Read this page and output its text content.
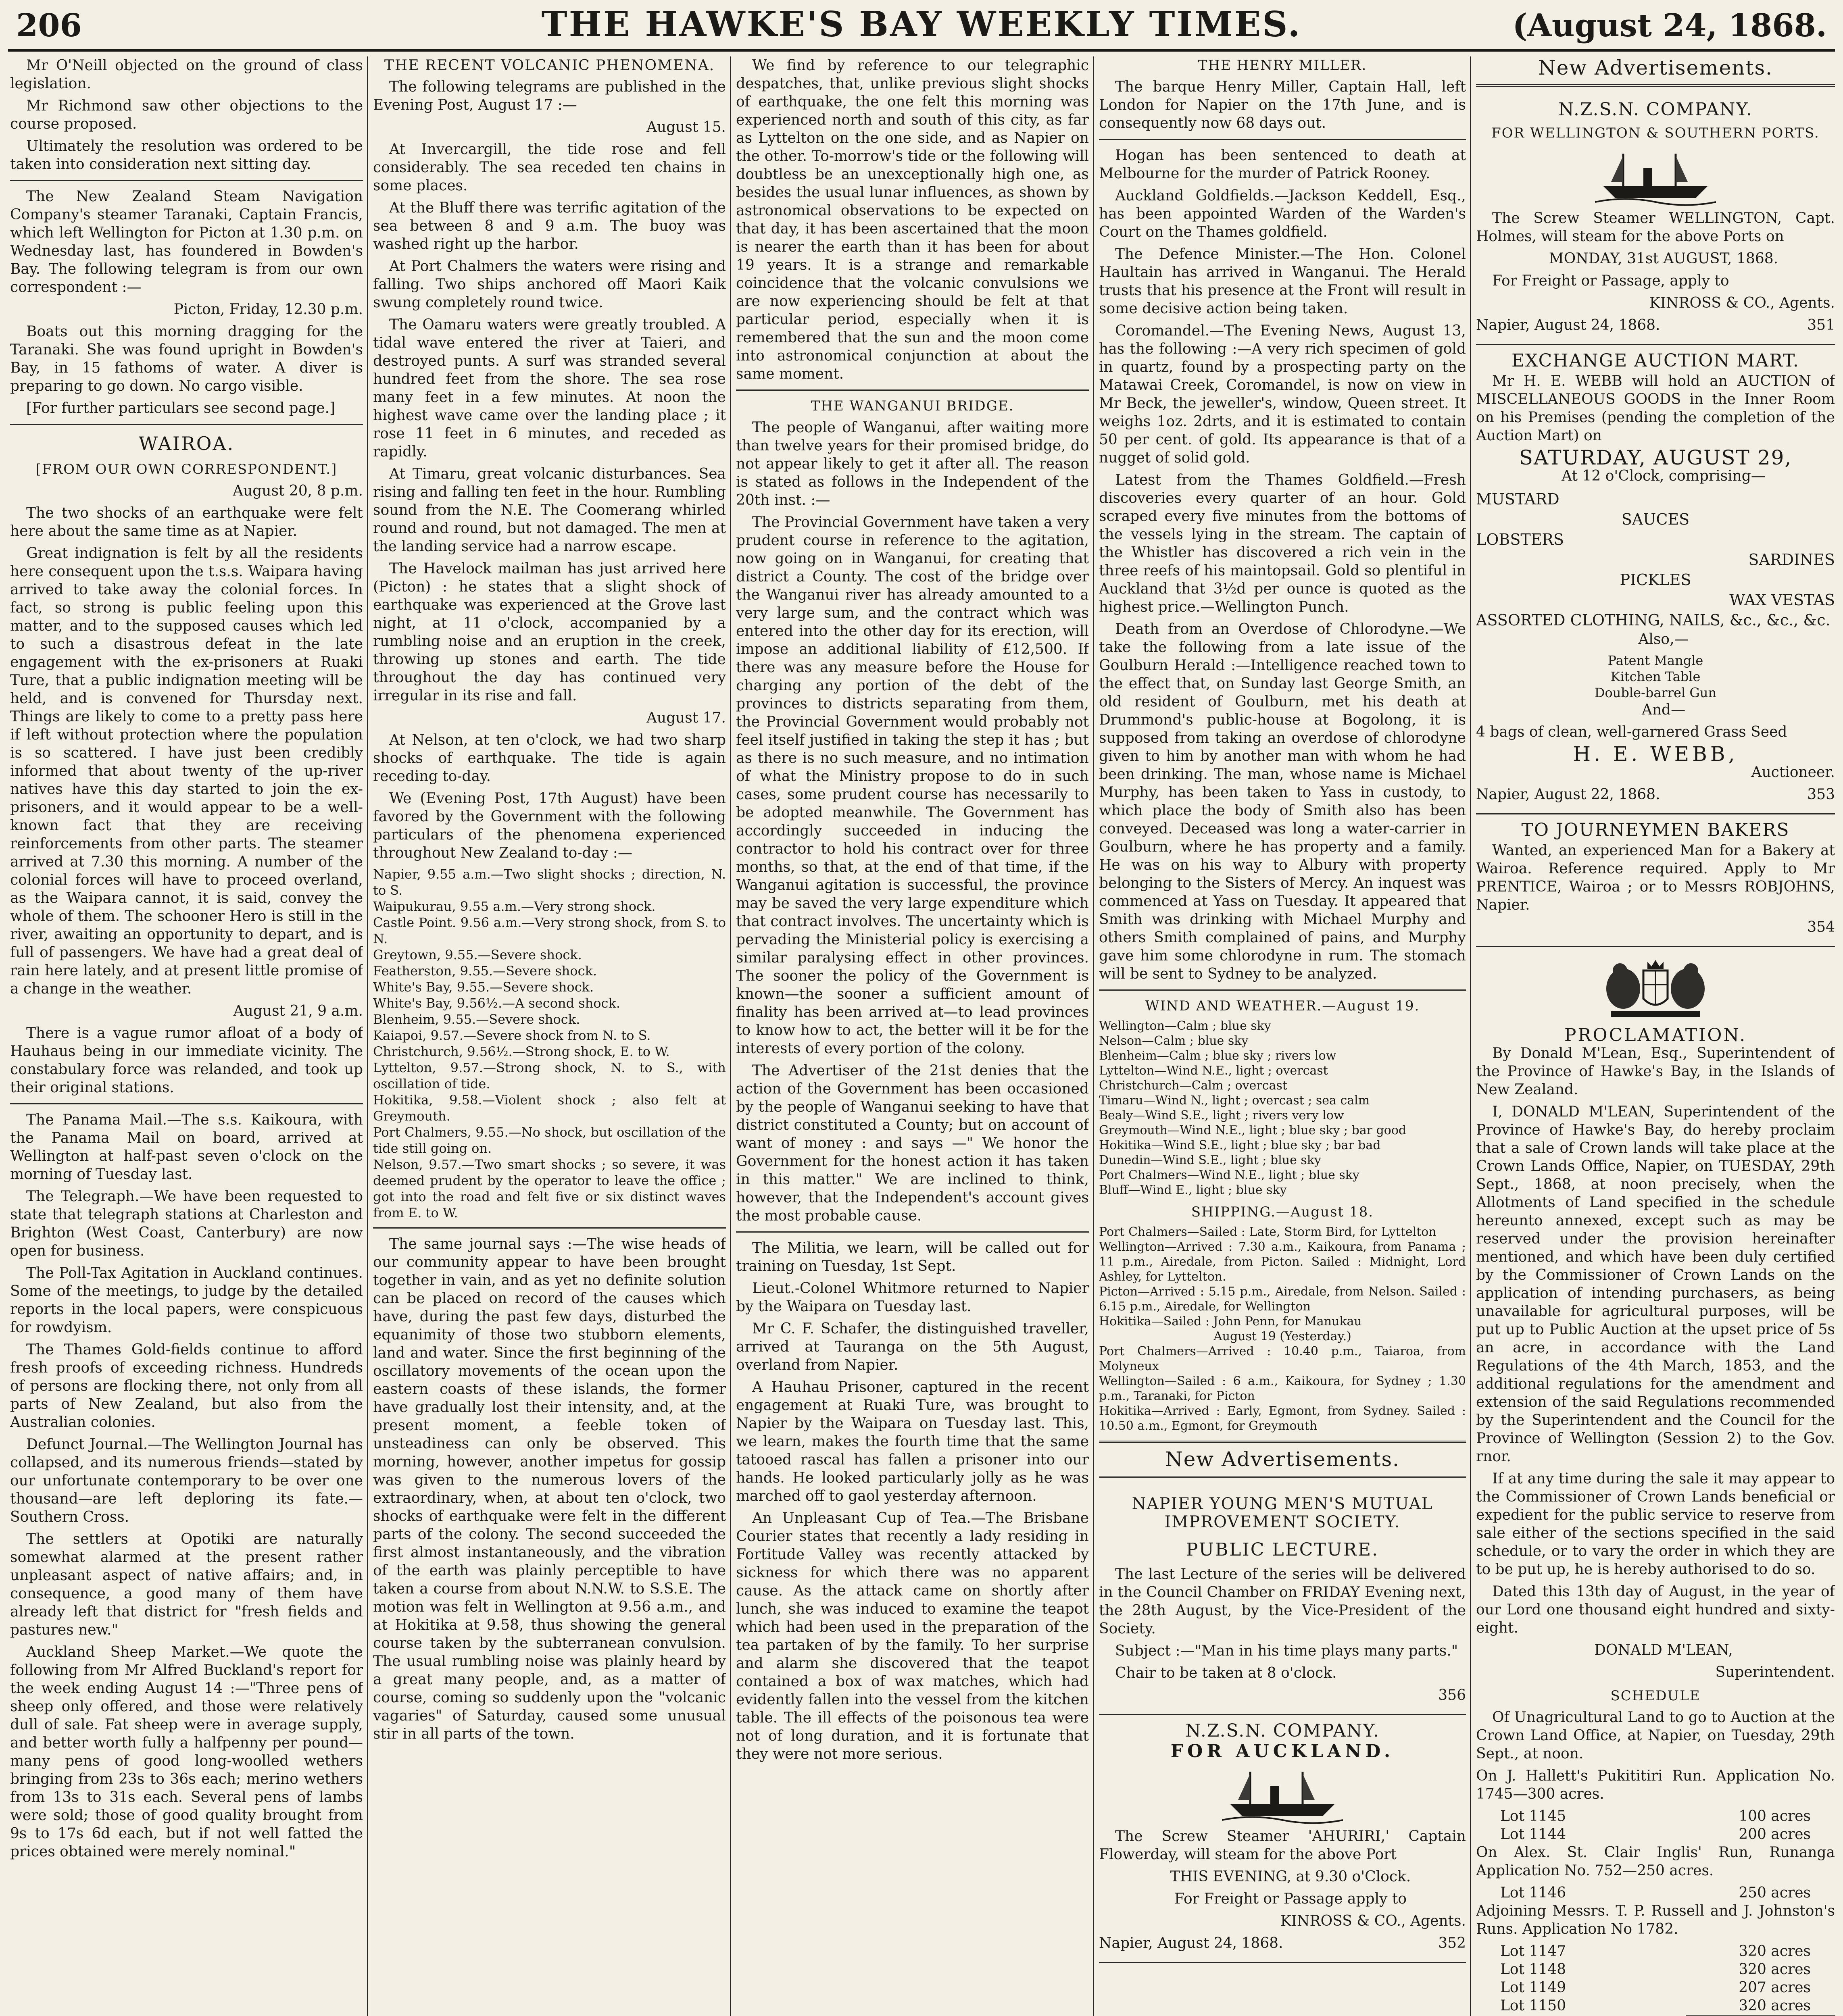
206	THE HAWKE'S BAY WEEKLY TIMES.	(August 24, 1868.

Mr O'Neill objected on the ground of class legislation.

Mr Richmond saw other objections to the course proposed.

Ultimately the resolution was ordered to be taken into consideration next sitting day.

The New Zealand Steam Navigation Company's steamer Taranaki, Captain Francis, which left Wellington for Picton at 1.30 p.m. on Wednesday last, has foundered in Bowden's Bay. The following telegram is from our own correspondent :—

Picton, Friday, 12.30 p.m.

Boats out this morning dragging for the Taranaki. She was found upright in Bowden's Bay, in 15 fathoms of water. A diver is preparing to go down. No cargo visible.

[For further particulars see second page.]

WAIROA.
[FROM OUR OWN CORRESPONDENT.]

August 20, 8 p.m.

The two shocks of an earthquake were felt here about the same time as at Napier.

Great indignation is felt by all the residents here consequent upon the t.s.s. Waipara having arrived to take away the colonial forces. In fact, so strong is public feeling upon this matter, and to the supposed causes which led to such a disastrous defeat in the late engagement with the ex-prisoners at Ruaki Ture, that a public indignation meeting will be held, and is convened for Thursday next. Things are likely to come to a pretty pass here if left without protection where the population is so scattered. I have just been credibly informed that about twenty of the up-river natives have this day started to join the ex-prisoners, and it would appear to be a well-known fact that they are receiving reinforcements from other parts. The steamer arrived at 7.30 this morning. A number of the colonial forces will have to proceed overland, as the Waipara cannot, it is said, convey the whole of them. The schooner Hero is still in the river, awaiting an opportunity to depart, and is full of passengers. We have had a great deal of rain here lately, and at present little promise of a change in the weather.

August 21, 9 a.m.

There is a vague rumor afloat of a body of Hauhaus being in our immediate vicinity. The constabulary force was relanded, and took up their original stations.

The Panama Mail.—The s.s. Kaikoura, with the Panama Mail on board, arrived at Wellington at half-past seven o'clock on the morning of Tuesday last.

The Telegraph.—We have been requested to state that telegraph stations at Charleston and Brighton (West Coast, Canterbury) are now open for business.

The Poll-Tax Agitation in Auckland continues. Some of the meetings, to judge by the detailed reports in the local papers, were conspicuous for rowdyism.

The Thames Gold-fields continue to afford fresh proofs of exceeding richness. Hundreds of persons are flocking there, not only from all parts of New Zealand, but also from the Australian colonies.

Defunct Journal.—The Wellington Journal has collapsed, and its numerous friends—stated by our unfortunate contemporary to be over one thousand—are left deploring its fate.—Southern Cross.

The settlers at Opotiki are naturally somewhat alarmed at the present rather unpleasant aspect of native affairs; and, in consequence, a good many of them have already left that district for "fresh fields and pastures new."

Auckland Sheep Market.—We quote the following from Mr Alfred Buckland's report for the week ending August 14 :—"Three pens of sheep only offered, and those were relatively dull of sale. Fat sheep were in average supply, and better worth fully a halfpenny per pound—many pens of good long-woolled wethers bringing from 23s to 36s each; merino wethers from 13s to 31s each. Several pens of lambs were sold; those of good quality brought from 9s to 17s 6d each, but if not well fatted the prices obtained were merely nominal."

THE RECENT VOLCANIC PHENOMENA.

The following telegrams are published in the Evening Post, August 17 :—

August 15.

At Invercargill, the tide rose and fell considerably. The sea receded ten chains in some places.

At the Bluff there was terrific agitation of the sea between 8 and 9 a.m. The buoy was washed right up the harbor.

At Port Chalmers the waters were rising and falling. Two ships anchored off Maori Kaik swung completely round twice.

The Oamaru waters were greatly troubled. A tidal wave entered the river at Taieri, and destroyed punts. A surf was stranded several hundred feet from the shore. The sea rose many feet in a few minutes. At noon the highest wave came over the landing place ; it rose 11 feet in 6 minutes, and receded as rapidly.

At Timaru, great volcanic disturbances. Sea rising and falling ten feet in the hour. Rumbling sound from the N.E. The Coomerang whirled round and round, but not damaged. The men at the landing service had a narrow escape.

The Havelock mailman has just arrived here (Picton) : he states that a slight shock of earthquake was experienced at the Grove last night, at 11 o'clock, accompanied by a rumbling noise and an eruption in the creek, throwing up stones and earth. The tide throughout the day has continued very irregular in its rise and fall.

August 17.

At Nelson, at ten o'clock, we had two sharp shocks of earthquake. The tide is again receding to-day.

We (Evening Post, 17th August) have been favored by the Government with the following particulars of the phenomena experienced throughout New Zealand to-day :—

Napier, 9.55 a.m.—Two slight shocks ; direction, N. to S.
Waipukurau, 9.55 a.m.—Very strong shock.
Castle Point. 9.56 a.m.—Very strong shock, from S. to N.
Greytown, 9.55.—Severe shock.
Featherston, 9.55.—Severe shock.
White's Bay, 9.55.—Severe shock.
White's Bay, 9.56½.—A second shock.
Blenheim, 9.55.—Severe shock.
Kaiapoi, 9.57.—Severe shock from N. to S.
Christchurch, 9.56½.—Strong shock, E. to W.
Lyttelton, 9.57.—Strong shock, N. to S., with oscillation of tide.
Hokitika, 9.58.—Violent shock ; also felt at Greymouth.
Port Chalmers, 9.55.—No shock, but oscillation of the tide still going on.
Nelson, 9.57.—Two smart shocks ; so severe, it was deemed prudent by the operator to leave the office ; got into the road and felt five or six distinct waves from E. to W.

The same journal says :—The wise heads of our community appear to have been brought together in vain, and as yet no definite solution can be placed on record of the causes which have, during the past few days, disturbed the equanimity of those two stubborn elements, land and water. Since the first beginning of the oscillatory movements of the ocean upon the eastern coasts of these islands, the former have gradually lost their intensity, and, at the present moment, a feeble token of unsteadiness can only be observed. This morning, however, another impetus for gossip was given to the numerous lovers of the extraordinary, when, at about ten o'clock, two shocks of earthquake were felt in the different parts of the colony. The second succeeded the first almost instantaneously, and the vibration of the earth was plainly perceptible to have taken a course from about N.N.W. to S.S.E. The motion was felt in Wellington at 9.56 a.m., and at Hokitika at 9.58, thus showing the general course taken by the subterranean convulsion. The usual rumbling noise was plainly heard by a great many people, and, as a matter of course, coming so suddenly upon the "volcanic vagaries" of Saturday, caused some unusual stir in all parts of the town.

We find by reference to our telegraphic despatches, that, unlike previous slight shocks of earthquake, the one felt this morning was experienced north and south of this city, as far as Lyttelton on the one side, and as Napier on the other. To-morrow's tide or the following will doubtless be an unexceptionally high one, as besides the usual lunar influences, as shown by astronomical observations to be expected on that day, it has been ascertained that the moon is nearer the earth than it has been for about 19 years. It is a strange and remarkable coincidence that the volcanic convulsions we are now experiencing should be felt at that particular period, especially when it is remembered that the sun and the moon come into astronomical conjunction at about the same moment.

THE WANGANUI BRIDGE.

The people of Wanganui, after waiting more than twelve years for their promised bridge, do not appear likely to get it after all. The reason is stated as follows in the Independent of the 20th inst. :—

The Provincial Government have taken a very prudent course in reference to the agitation, now going on in Wanganui, for creating that district a County. The cost of the bridge over the Wanganui river has already amounted to a very large sum, and the contract which was entered into the other day for its erection, will impose an additional liability of £12,500. If there was any measure before the House for charging any portion of the debt of the provinces to districts separating from them, the Provincial Government would probably not feel itself justified in taking the step it has ; but as there is no such measure, and no intimation of what the Ministry propose to do in such cases, some prudent course has necessarily to be adopted meanwhile. The Government has accordingly succeeded in inducing the contractor to hold his contract over for three months, so that, at the end of that time, if the Wanganui agitation is successful, the province may be saved the very large expenditure which that contract involves. The uncertainty which is pervading the Ministerial policy is exercising a similar paralysing effect in other provinces. The sooner the policy of the Government is known—the sooner a sufficient amount of finality has been arrived at—to lead provinces to know how to act, the better will it be for the interests of every portion of the colony.

The Advertiser of the 21st denies that the action of the Government has been occasioned by the people of Wanganui seeking to have that district constituted a County; but on account of want of money : and says —" We honor the Government for the honest action it has taken in this matter." We are inclined to think, however, that the Independent's account gives the most probable cause.

The Militia, we learn, will be called out for training on Tuesday, 1st Sept.

Lieut.-Colonel Whitmore returned to Napier by the Waipara on Tuesday last.

Mr C. F. Schafer, the distinguished traveller, arrived at Tauranga on the 5th August, overland from Napier.

A Hauhau Prisoner, captured in the recent engagement at Ruaki Ture, was brought to Napier by the Waipara on Tuesday last. This, we learn, makes the fourth time that the same tatooed rascal has fallen a prisoner into our hands. He looked particularly jolly as he was marched off to gaol yesterday afternoon.

An Unpleasant Cup of Tea.—The Brisbane Courier states that recently a lady residing in Fortitude Valley was recently attacked by sickness for which there was no apparent cause. As the attack came on shortly after lunch, she was induced to examine the teapot which had been used in the preparation of the tea partaken of by the family. To her surprise and alarm she discovered that the teapot contained a box of wax matches, which had evidently fallen into the vessel from the kitchen table. The ill effects of the poisonous tea were not of long duration, and it is fortunate that they were not more serious.

THE HENRY MILLER.

The barque Henry Miller, Captain Hall, left London for Napier on the 17th June, and is consequently now 68 days out.

Hogan has been sentenced to death at Melbourne for the murder of Patrick Rooney.

Auckland Goldfields.—Jackson Keddell, Esq., has been appointed Warden of the Warden's Court on the Thames goldfield.

The Defence Minister.—The Hon. Colonel Haultain has arrived in Wanganui. The Herald trusts that his presence at the Front will result in some decisive action being taken.

Coromandel.—The Evening News, August 13, has the following :—A very rich specimen of gold in quartz, found by a prospecting party on the Matawai Creek, Coromandel, is now on view in Mr Beck, the jeweller's, window, Queen street. It weighs 1oz. 2drts, and it is estimated to contain 50 per cent. of gold. Its appearance is that of a nugget of solid gold.

Latest from the Thames Goldfield.—Fresh discoveries every quarter of an hour. Gold scraped every five minutes from the bottoms of the vessels lying in the stream. The captain of the Whistler has discovered a rich vein in the three reefs of his maintopsail. Gold so plentiful in Auckland that 3½d per ounce is quoted as the highest price.—Wellington Punch.

Death from an Overdose of Chlorodyne.—We take the following from a late issue of the Goulburn Herald :—Intelligence reached town to the effect that, on Sunday last George Smith, an old resident of Goulburn, met his death at Drummond's public-house at Bogolong, it is supposed from taking an overdose of chlorodyne given to him by another man with whom he had been drinking. The man, whose name is Michael Murphy, has been taken to Yass in custody, to which place the body of Smith also has been conveyed. Deceased was long a water-carrier in Goulburn, where he has property and a family. He was on his way to Albury with property belonging to the Sisters of Mercy. An inquest was commenced at Yass on Tuesday. It appeared that Smith was drinking with Michael Murphy and others Smith complained of pains, and Murphy gave him some chlorodyne in rum. The stomach will be sent to Sydney to be analyzed.

WIND AND WEATHER.—August 19.
Wellington—Calm ; blue sky
Nelson—Calm ; blue sky
Blenheim—Calm ; blue sky ; rivers low
Lyttelton—Wind N.E., light ; overcast
Christchurch—Calm ; overcast
Timaru—Wind N., light ; overcast ; sea calm
Bealy—Wind S.E., light ; rivers very low
Greymouth—Wind N.E., light ; blue sky ; bar good
Hokitika—Wind S.E., light ; blue sky ; bar bad
Dunedin—Wind S.E., light ; blue sky
Port Chalmers—Wind N.E., light ; blue sky
Bluff—Wind E., light ; blue sky
SHIPPING.—August 18.
Port Chalmers—Sailed : Late, Storm Bird, for Lyttelton
Wellington—Arrived : 7.30 a.m., Kaikoura, from Panama ; 11 p.m., Airedale, from Picton. Sailed : Midnight, Lord Ashley, for Lyttelton.
Picton—Arrived : 5.15 p.m., Airedale, from Nelson. Sailed : 6.15 p.m., Airedale, for Wellington
Hokitika—Sailed : John Penn, for Manukau
August 19 (Yesterday.)
Port Chalmers—Arrived : 10.40 p.m., Taiaroa, from Molyneux
Wellington—Sailed : 6 a.m., Kaikoura, for Sydney ; 1.30 p.m., Taranaki, for Picton
Hokitika—Arrived : Early, Egmont, from Sydney. Sailed : 10.50 a.m., Egmont, for Greymouth
New Advertisements.
NAPIER YOUNG MEN'S MUTUAL IMPROVEMENT SOCIETY.
PUBLIC LECTURE.

The last Lecture of the series will be delivered in the Council Chamber on FRIDAY Evening next, the 28th August, by the Vice-President of the Society.

Subject :—"Man in his time plays many parts."

Chair to be taken at 8 o'clock.

356

N.Z.S.N. COMPANY.
FOR AUCKLAND.

The Screw Steamer 'AHURIRI,' Captain Flowerday, will steam for the above Port

THIS EVENING, at 9.30 o'Clock.

For Freight or Passage apply to

KINROSS & CO., Agents.

Napier, August 24, 1868.	352

New Advertisements.
N.Z.S.N. COMPANY.
FOR WELLINGTON & SOUTHERN PORTS.

The Screw Steamer WELLINGTON, Capt. Holmes, will steam for the above Ports on

MONDAY, 31st AUGUST, 1868.

For Freight or Passage, apply to

KINROSS & CO., Agents.

Napier, August 24, 1868.	351

EXCHANGE AUCTION MART.

Mr H. E. WEBB will hold an AUCTION of MISCELLANEOUS GOODS in the Inner Room on his Premises (pending the completion of the Auction Mart) on

SATURDAY, AUGUST 29,

At 12 o'Clock, comprising—

MUSTARD
SAUCES
LOBSTERS
SARDINES
PICKLES
WAX VESTAS
ASSORTED CLOTHING, NAILS, &c., &c., &c.

Also,—

Patent Mangle
Kitchen Table
Double-barrel Gun

And—

4 bags of clean, well-garnered Grass Seed

H. E. WEBB,

Auctioneer.

Napier, August 22, 1868.	353

TO JOURNEYMEN BAKERS

Wanted, an experienced Man for a Bakery at Wairoa. Reference required. Apply to Mr PRENTICE, Wairoa ; or to Messrs ROBJOHNS, Napier.

354

PROCLAMATION.

By Donald M'Lean, Esq., Superintendent of the Province of Hawke's Bay, in the Islands of New Zealand.

I, DONALD M'LEAN, Superintendent of the Province of Hawke's Bay, do hereby proclaim that a sale of Crown lands will take place at the Crown Lands Office, Napier, on TUESDAY, 29th Sept., 1868, at noon precisely, when the Allotments of Land specified in the schedule hereunto annexed, except such as may be reserved under the provision hereinafter mentioned, and which have been duly certified by the Commissioner of Crown Lands on the application of intending purchasers, as being unavailable for agricultural purposes, will be put up to Public Auction at the upset price of 5s an acre, in accordance with the Land Regulations of the 4th March, 1853, and the additional regulations for the amendment and extension of the said Regulations recommended by the Superintendent and the Council for the Province of Wellington (Session 2) to the Gov. rnor.

If at any time during the sale it may appear to the Commissioner of Crown Lands beneficial or expedient for the public service to reserve from sale either of the sections specified in the said schedule, or to vary the order in which they are to be put up, he is hereby authorised to do so.

Dated this 13th day of August, in the year of our Lord one thousand eight hundred and sixty-eight.

DONALD M'LEAN,

Superintendent.

SCHEDULE

Of Unagricultural Land to go to Auction at the Crown Land Office, at Napier, on Tuesday, 29th Sept., at noon.

On J. Hallett's Pukititiri Run. Application No. 1745—300 acres.

Lot 1145	100 acres
Lot 1144	200 acres

On Alex. St. Clair Inglis' Run, Runanga Application No. 752—250 acres.

Lot 1146	250 acres

Adjoining Messrs. T. P. Russell and J. Johnston's Runs. Application No 1782.

Lot 1147	320 acres
Lot 1148	320 acres
Lot 1149	207 acres
Lot 1150	320 acres
